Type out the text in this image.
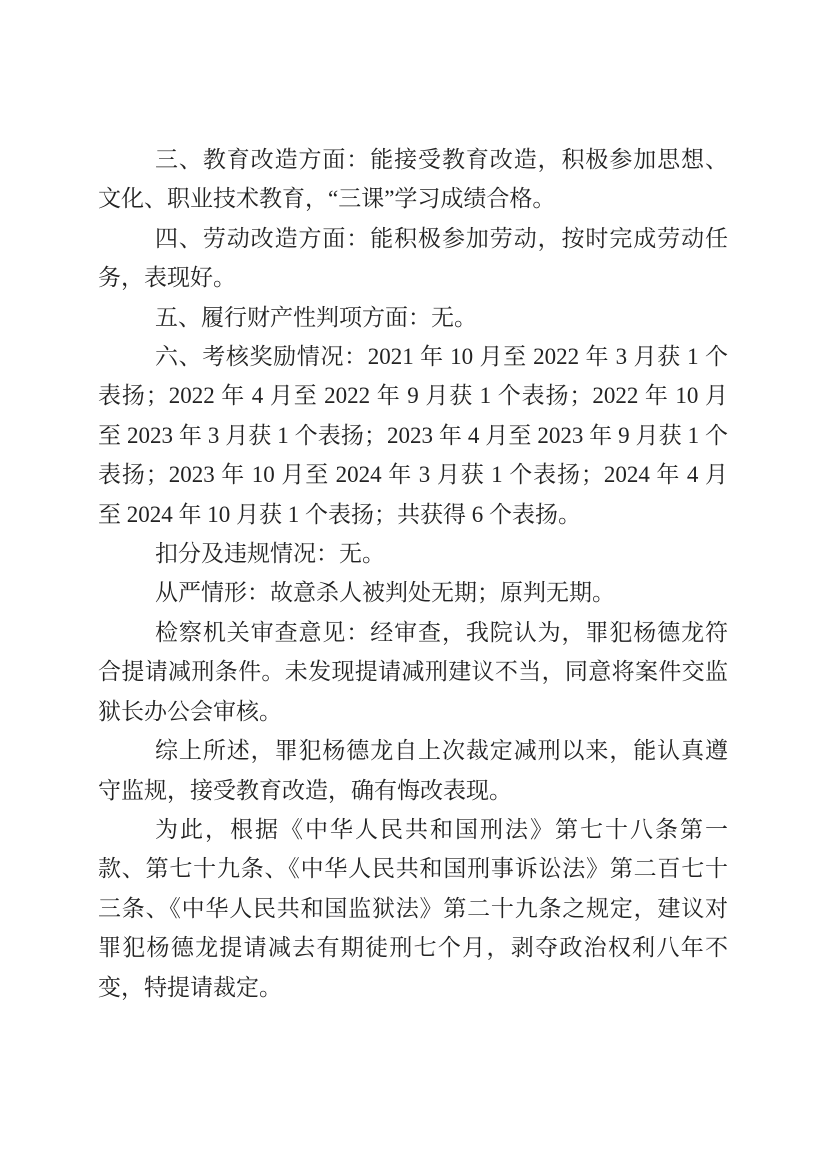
三、教育改造方面：能接受教育改造，积极参加思想、文化、职业技术教育，“三课”学习成绩合格。

四、劳动改造方面：能积极参加劳动，按时完成劳动任务，表现好。

五、履行财产性判项方面：无。

六、考核奖励情况：2021 年 10 月至 2022 年 3 月获 1 个表扬；2022 年 4 月至 2022 年 9 月获 1 个表扬；2022 年 10 月至 2023 年 3 月获 1 个表扬；2023 年 4 月至 2023 年 9 月获 1 个表扬；2023 年 10 月至 2024 年 3 月获 1 个表扬；2024 年 4 月至 2024 年 10 月获 1 个表扬；共获得 6 个表扬。

扣分及违规情况：无。

从严情形：故意杀人被判处无期；原判无期。

检察机关审查意见：经审查，我院认为，罪犯杨德龙符合提请减刑条件。未发现提请减刑建议不当，同意将案件交监狱长办公会审核。

综上所述，罪犯杨德龙自上次裁定减刑以来，能认真遵守监规，接受教育改造，确有悔改表现。

为此，根据《中华人民共和国刑法》第七十八条第一款、第七十九条、《中华人民共和国刑事诉讼法》第二百七十三条、《中华人民共和国监狱法》第二十九条之规定，建议对罪犯杨德龙提请减去有期徒刑七个月，剥夺政治权利八年不变，特提请裁定。
